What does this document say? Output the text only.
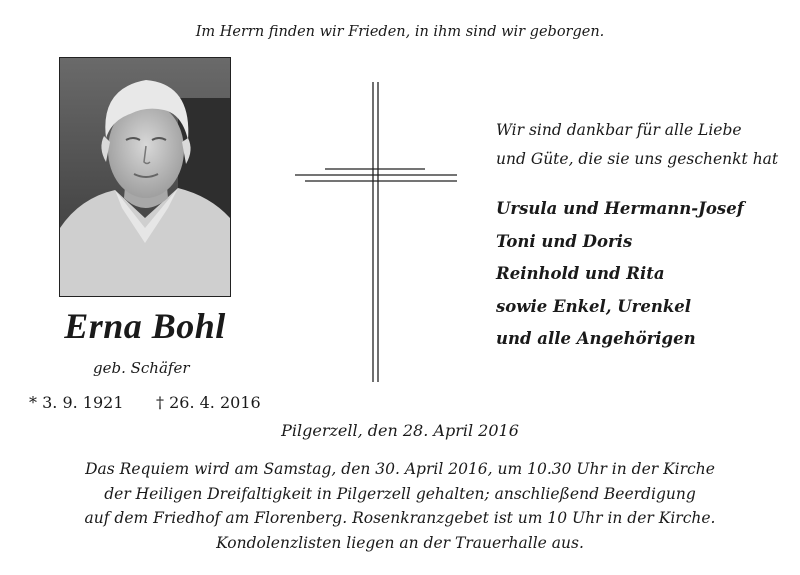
Im Herrn finden wir Frieden, in ihm sind wir geborgen.
Erna Bohl
geb. Schäfer
* 3. 9. 1921 † 26. 4. 2016
Wir sind dankbar für alle Liebe
und Güte, die sie uns geschenkt hat
Ursula und Hermann-Josef
Toni und Doris
Reinhold und Rita
sowie Enkel, Urenkel
und alle Angehörigen
Pilgerzell, den 28. April 2016
Das Requiem wird am Samstag, den 30. April 2016, um 10.30 Uhr in der Kirche
der Heiligen Dreifaltigkeit in Pilgerzell gehalten; anschließend Beerdigung
auf dem Friedhof am Florenberg. Rosenkranzgebet ist um 10 Uhr in der Kirche.
Kondolenzlisten liegen an der Trauerhalle aus.
